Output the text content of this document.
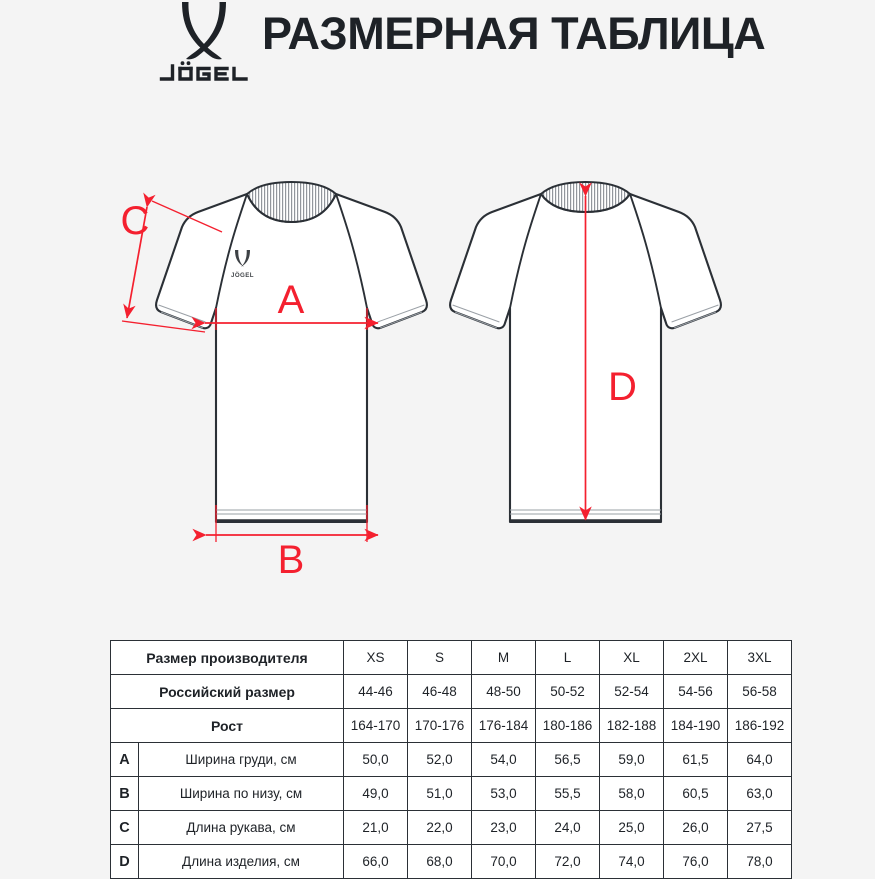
РАЗМЕРНАЯ ТАБЛИЦА
JÖGEL
A
C
B
D
Размер производителя		XS	S	M	L	XL	2XL	3XL
Российский размер		44-46	46-48	48-50	50-52	52-54	54-56	56-58
Рост		164-170	170-176	176-184	180-186	182-188	184-190	186-192
A	Ширина груди, см	50,0	52,0	54,0	56,5	59,0	61,5	64,0
B	Ширина по низу, см	49,0	51,0	53,0	55,5	58,0	60,5	63,0
C	Длина рукава, см	21,0	22,0	23,0	24,0	25,0	26,0	27,5
D	Длина изделия, см	66,0	68,0	70,0	72,0	74,0	76,0	78,0
